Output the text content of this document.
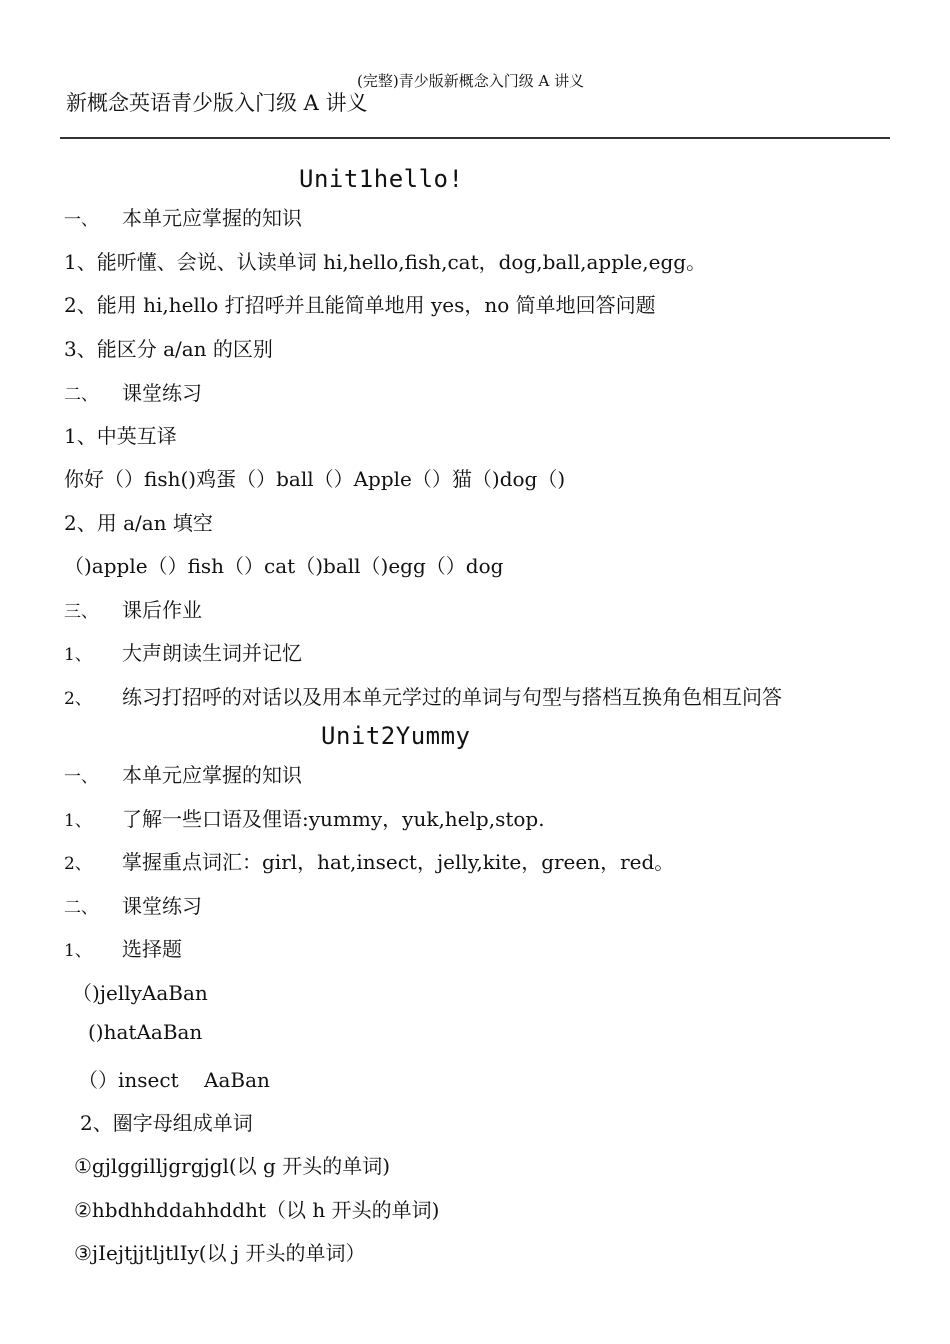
(完整)青少版新概念入门级 A 讲义
新概念英语青少版入门级 A 讲义
Unit1hello!
一、 本单元应掌握的知识
1、能听懂、会说、认读单词 hi,hello,fish,cat，dog,ball,apple,egg。
2、能用 hi,hello 打招呼并且能简单地用 yes，no 简单地回答问题
3、能区分 a/an 的区别
二、 课堂练习
1、中英互译
你好（）fish()鸡蛋（）ball（）Apple（）猫（)dog（)
2、用 a/an 填空
（)apple（）fish（）cat（)ball（)egg（）dog
三、 课后作业
1、 大声朗读生词并记忆
2、 练习打招呼的对话以及用本单元学过的单词与句型与搭档互换角色相互问答
Unit2Yummy
一、 本单元应掌握的知识
1、 了解一些口语及俚语:yummy，yuk,help,stop.
2、 掌握重点词汇：girl，hat,insect，jelly,kite，green，red。
二、 课堂练习
1、 选择题
（)jellyAaBan
()hatAaBan
（）insect    AaBan
2、圈字母组成单词
①gjlggilljgrgjgl(以 g 开头的单词)
②hbdhhddahhddht（以 h 开头的单词)
③jIejtjjtljtlIy(以 j 开头的单词）
